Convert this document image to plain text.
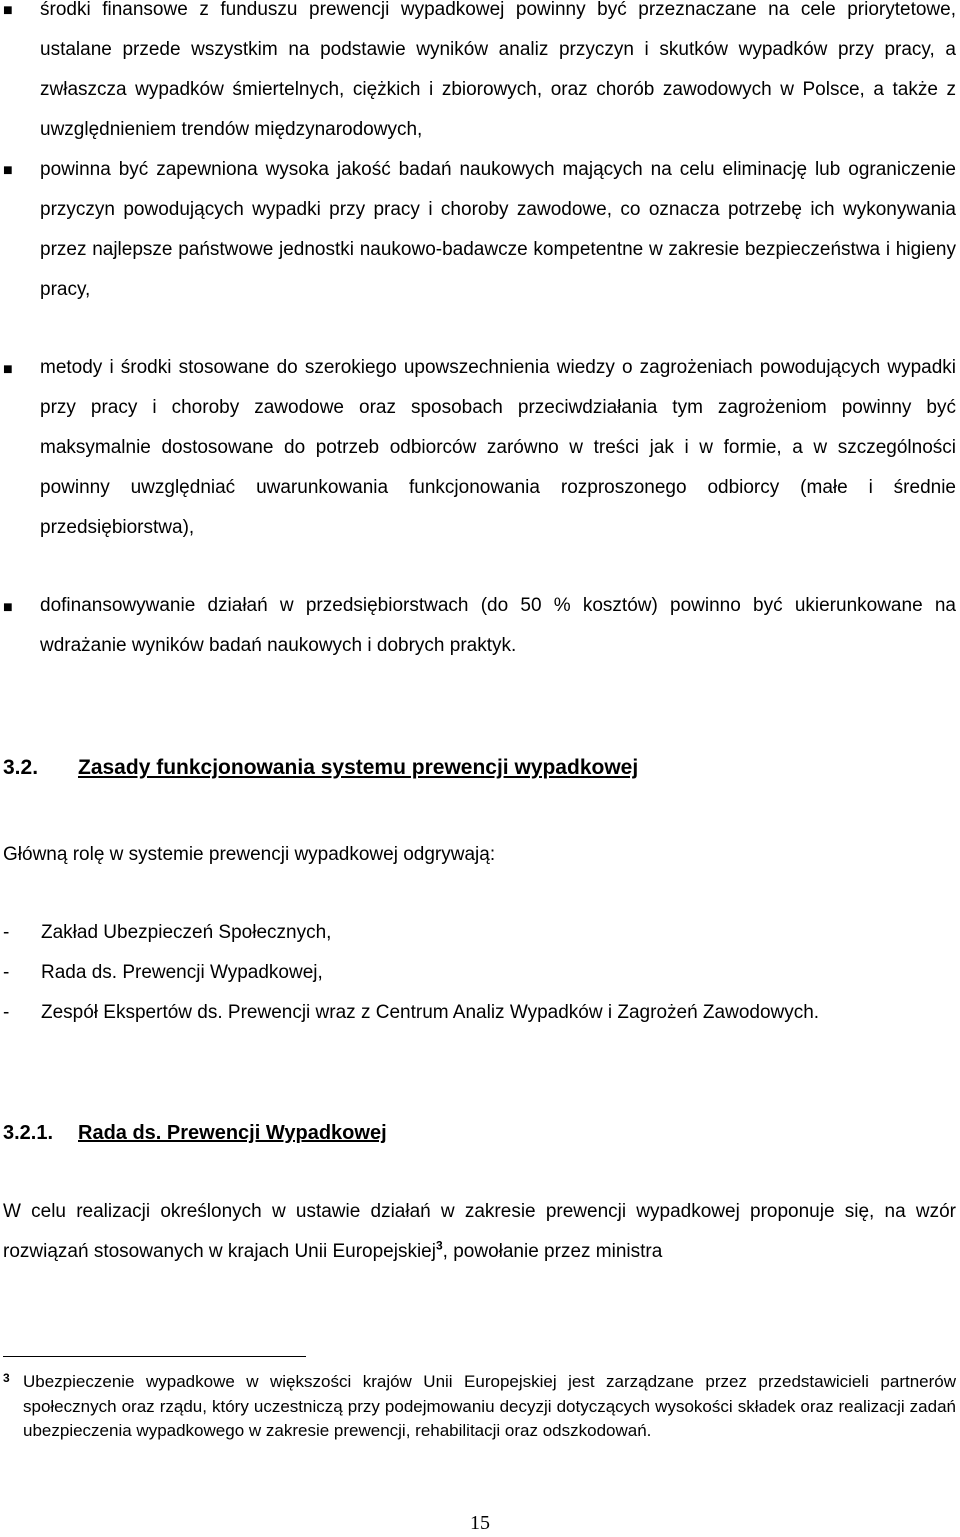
■ środki finansowe z funduszu prewencji wypadkowej powinny być przeznaczane na cele priorytetowe, ustalane przede wszystkim na podstawie wyników analiz przyczyn i skutków wypadków przy pracy, a zwłaszcza wypadków śmiertelnych, ciężkich i zbiorowych, oraz chorób zawodowych w Polsce, a także z uwzględnieniem trendów międzynarodowych,
■ powinna być zapewniona wysoka jakość badań naukowych mających na celu eliminację lub ograniczenie przyczyn powodujących wypadki przy pracy i choroby zawodowe, co oznacza potrzebę ich wykonywania przez najlepsze państwowe jednostki naukowo-badawcze kompetentne w zakresie bezpieczeństwa i higieny pracy,
■ metody i środki stosowane do szerokiego upowszechnienia wiedzy o zagrożeniach powodujących wypadki przy pracy i choroby zawodowe oraz sposobach przeciwdziałania tym zagrożeniom powinny być maksymalnie dostosowane do potrzeb odbiorców zarówno w treści jak i w formie, a w szczególności powinny uwzględniać uwarunkowania funkcjonowania rozproszonego odbiorcy (małe i średnie przedsiębiorstwa),
■ dofinansowywanie działań w przedsiębiorstwach (do 50 % kosztów) powinno być ukierunkowane na wdrażanie wyników badań naukowych i dobrych praktyk.
3.2. Zasady funkcjonowania systemu prewencji wypadkowej
Główną rolę w systemie prewencji wypadkowej odgrywają:
- Zakład Ubezpieczeń Społecznych,
- Rada ds. Prewencji Wypadkowej,
- Zespół Ekspertów ds. Prewencji wraz z Centrum Analiz Wypadków i Zagrożeń Zawodowych.
3.2.1. Rada ds. Prewencji Wypadkowej
W celu realizacji określonych w ustawie działań w zakresie prewencji wypadkowej proponuje się, na wzór rozwiązań stosowanych w krajach Unii Europejskiej$^3$, powołanie przez ministra
3 Ubezpieczenie wypadkowe w większości krajów Unii Europejskiej jest zarządzane przez przedstawicieli partnerów społecznych oraz rządu, który uczestniczą przy podejmowaniu decyzji dotyczących wysokości składek oraz realizacji zadań ubezpieczenia wypadkowego w zakresie prewencji, rehabilitacji oraz odszkodowań.
15
